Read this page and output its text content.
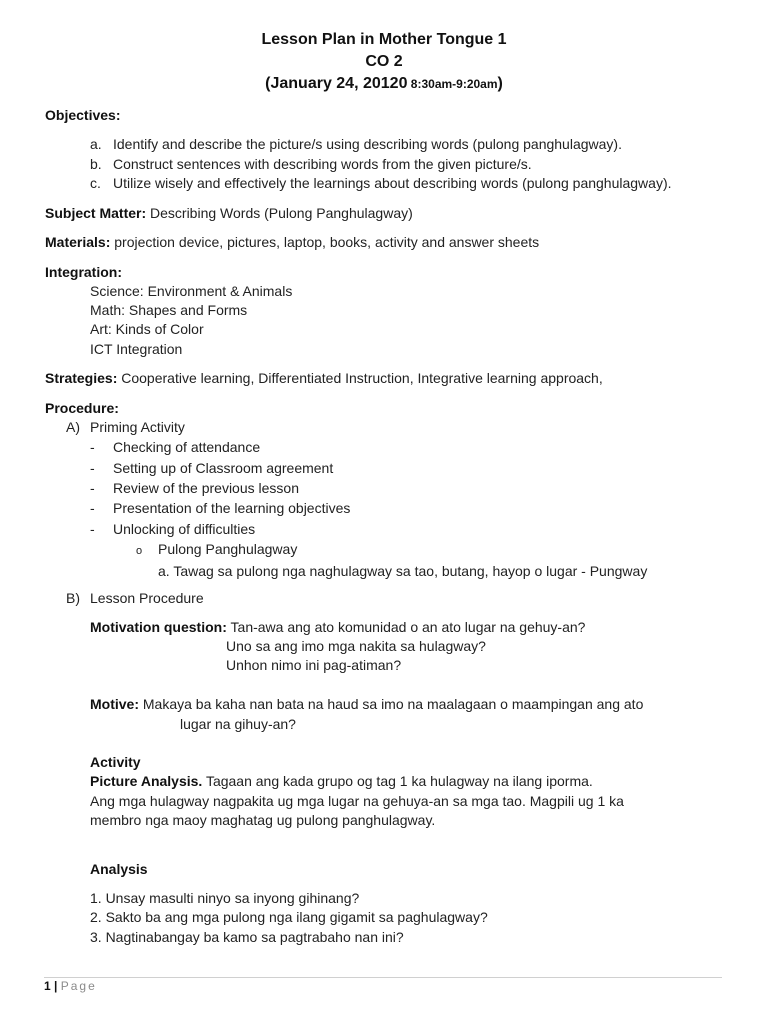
Lesson Plan in Mother Tongue 1
CO 2
(January 24, 20120 8:30am-9:20am)
Objectives:
a. Identify and describe the picture/s using describing words (pulong panghulagway).
b. Construct sentences with describing words from the given picture/s.
c. Utilize wisely and effectively the learnings about describing words (pulong panghulagway).
Subject Matter: Describing Words (Pulong Panghulagway)
Materials: projection device, pictures, laptop, books, activity and answer sheets
Integration:
Science: Environment & Animals
Math: Shapes and Forms
Art: Kinds of Color
ICT Integration
Strategies: Cooperative learning, Differentiated Instruction, Integrative learning approach,
Procedure:
A) Priming Activity
- Checking of attendance
- Setting up of Classroom agreement
- Review of the previous lesson
- Presentation of the learning objectives
- Unlocking of difficulties
o Pulong Panghulagway
a. Tawag sa pulong nga naghulagway sa tao, butang, hayop o lugar - Pungway
B) Lesson Procedure
Motivation question: Tan-awa ang ato komunidad o an ato lugar na gehuy-an?
Uno sa ang imo mga nakita sa hulagway?
Unhon nimo ini pag-atiman?
Motive: Makaya ba kaha nan bata na haud sa imo na maalagaan o maampingan ang ato
lugar na gihuy-an?
Activity
Picture Analysis. Tagaan ang kada grupo og tag 1 ka hulagway na ilang iporma.
Ang mga hulagway nagpakita ug mga lugar na gehuya-an sa mga tao. Magpili ug 1 ka
membro nga maoy maghatag ug pulong panghulagway.
Analysis
1. Unsay masulti ninyo sa inyong gihinang?
2. Sakto ba ang mga pulong nga ilang gigamit sa paghulagway?
3. Nagtinabangay ba kamo sa pagtrabaho nan ini?
1 | Page
